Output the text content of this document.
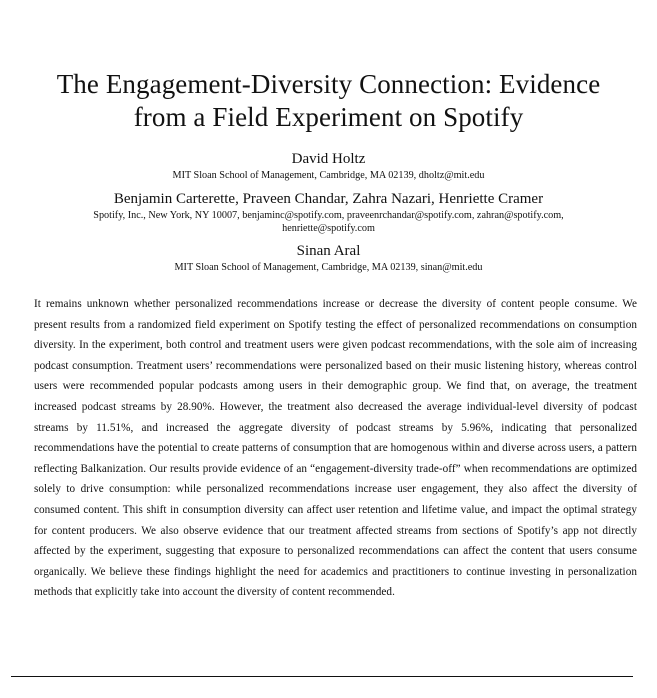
The Engagement-Diversity Connection: Evidence
from a Field Experiment on Spotify

David Holtz

MIT Sloan School of Management, Cambridge, MA 02139, dholtz@mit.edu

Benjamin Carterette, Praveen Chandar, Zahra Nazari, Henriette Cramer

Spotify, Inc., New York, NY 10007, benjaminc@spotify.com, praveenrchandar@spotify.com, zahran@spotify.com,
henriette@spotify.com

Sinan Aral

MIT Sloan School of Management, Cambridge, MA 02139, sinan@mit.edu

It remains unknown whether personalized recommendations increase or decrease the diversity of content people consume. We present results from a randomized field experiment on Spotify testing the effect of personalized recommendations on consumption diversity. In the experiment, both control and treatment users were given podcast recommendations, with the sole aim of increasing podcast consumption. Treatment users’ recommendations were personalized based on their music listening history, whereas control users were recommended popular podcasts among users in their demographic group. We find that, on average, the treatment increased podcast streams by 28.90%. However, the treatment also decreased the average individual-level diversity of podcast streams by 11.51%, and increased the aggregate diversity of podcast streams by 5.96%, indicating that personalized recommendations have the potential to create patterns of consumption that are homogenous within and diverse across users, a pattern reflecting Balkanization. Our results provide evidence of an “engagement-diversity trade-off” when recommendations are optimized solely to drive consumption: while personalized recommendations increase user engagement, they also affect the diversity of consumed content. This shift in consumption diversity can affect user retention and lifetime value, and impact the optimal strategy for content producers. We also observe evidence that our treatment affected streams from sections of Spotify’s app not directly affected by the experiment, suggesting that exposure to personalized recommendations can affect the content that users consume organically. We believe these findings highlight the need for academics and practitioners to continue investing in personalization methods that explicitly take into account the diversity of content recommended.
